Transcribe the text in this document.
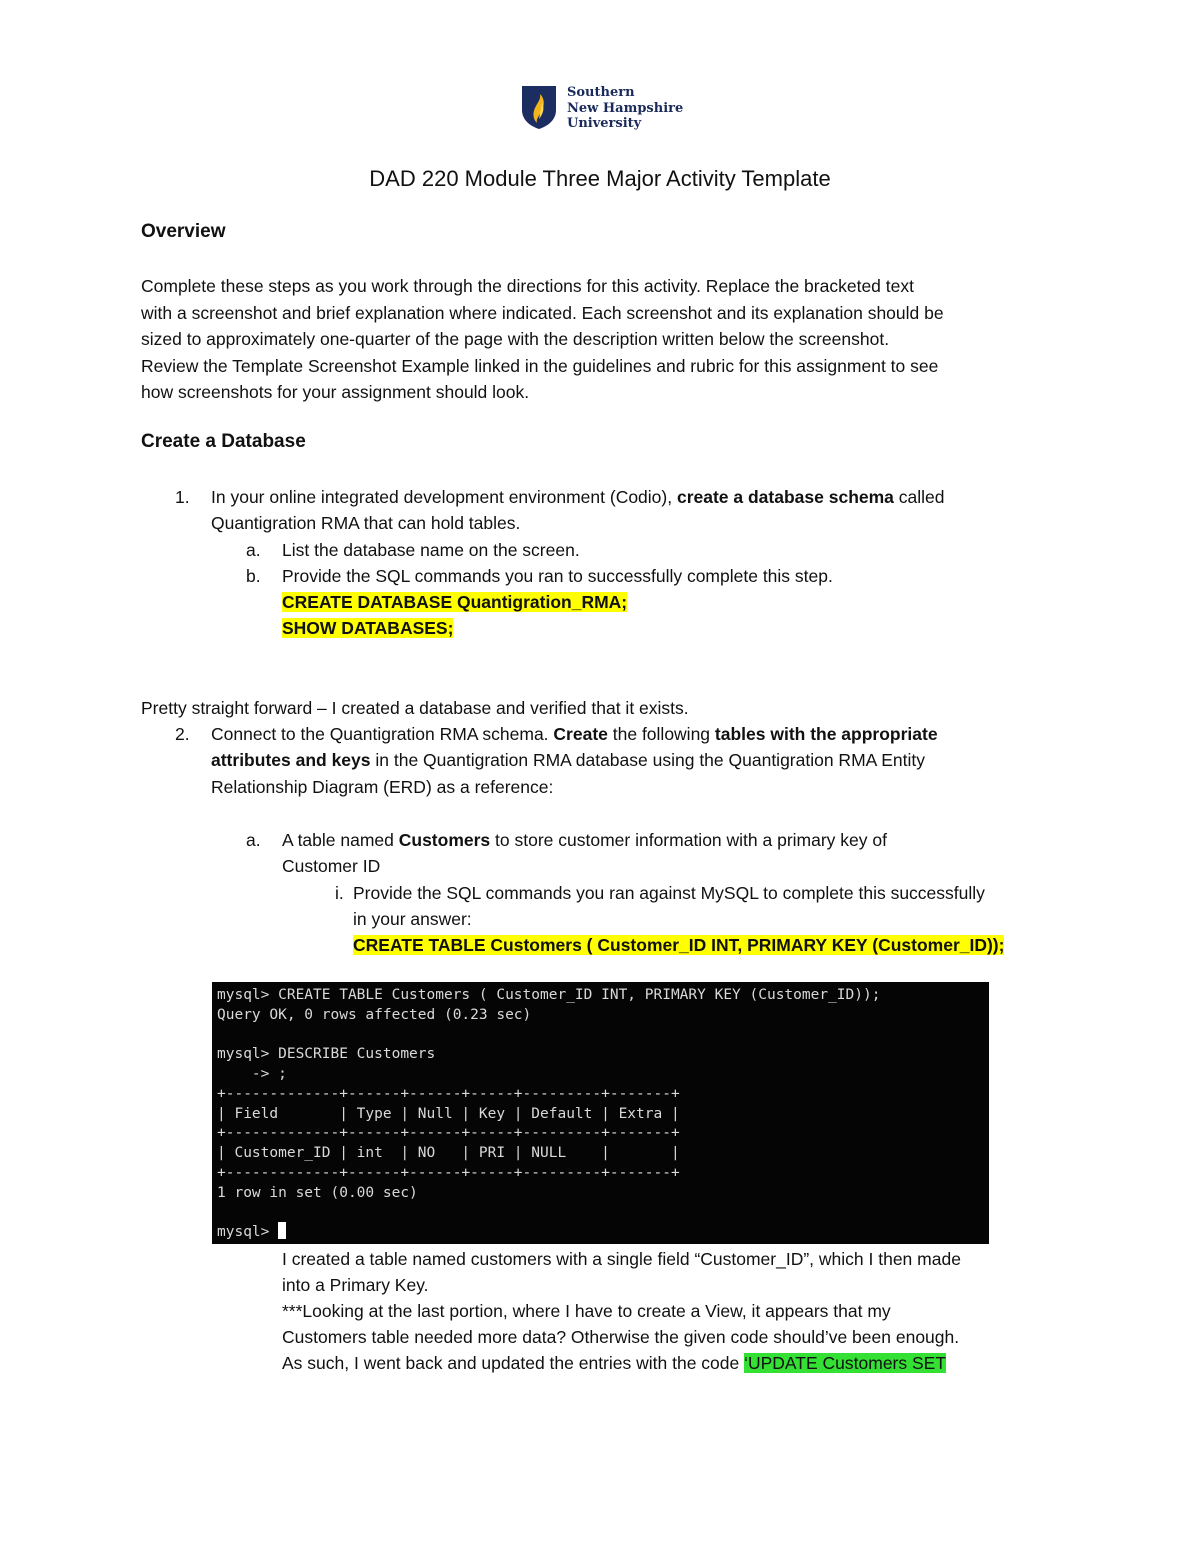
Southern
New Hampshire
University
DAD 220 Module Three Major Activity Template
Overview
Complete these steps as you work through the directions for this activity. Replace the bracketed text
with a screenshot and brief explanation where indicated. Each screenshot and its explanation should be
sized to approximately one-quarter of the page with the description written below the screenshot.
Review the Template Screenshot Example linked in the guidelines and rubric for this assignment to see
how screenshots for your assignment should look.
Create a Database
1. In your online integrated development environment (Codio), create a database schema called
Quantigration RMA that can hold tables.
a. List the database name on the screen.
b. Provide the SQL commands you ran to successfully complete this step.
CREATE DATABASE Quantigration_RMA;
SHOW DATABASES;
Pretty straight forward – I created a database and verified that it exists.
2. Connect to the Quantigration RMA schema. Create the following tables with the appropriate
attributes and keys in the Quantigration RMA database using the Quantigration RMA Entity
Relationship Diagram (ERD) as a reference:
a. A table named Customers to store customer information with a primary key of
Customer ID
i. Provide the SQL commands you ran against MySQL to complete this successfully
in your answer:
CREATE TABLE Customers ( Customer_ID INT, PRIMARY KEY (Customer_ID));
mysql> CREATE TABLE Customers ( Customer_ID INT, PRIMARY KEY (Customer_ID));
Query OK, 0 rows affected (0.23 sec)
mysql> DESCRIBE Customers
-> ;
+-------------+------+------+-----+---------+-------+
| Field       | Type | Null | Key | Default | Extra |
+-------------+------+------+-----+---------+-------+
| Customer_ID | int  | NO   | PRI | NULL    |       |
+-------------+------+------+-----+---------+-------+
1 row in set (0.00 sec)
mysql>
I created a table named customers with a single field “Customer_ID”, which I then made
into a Primary Key.
***Looking at the last portion, where I have to create a View, it appears that my
Customers table needed more data? Otherwise the given code should’ve been enough.
As such, I went back and updated the entries with the code ‘UPDATE Customers SET
